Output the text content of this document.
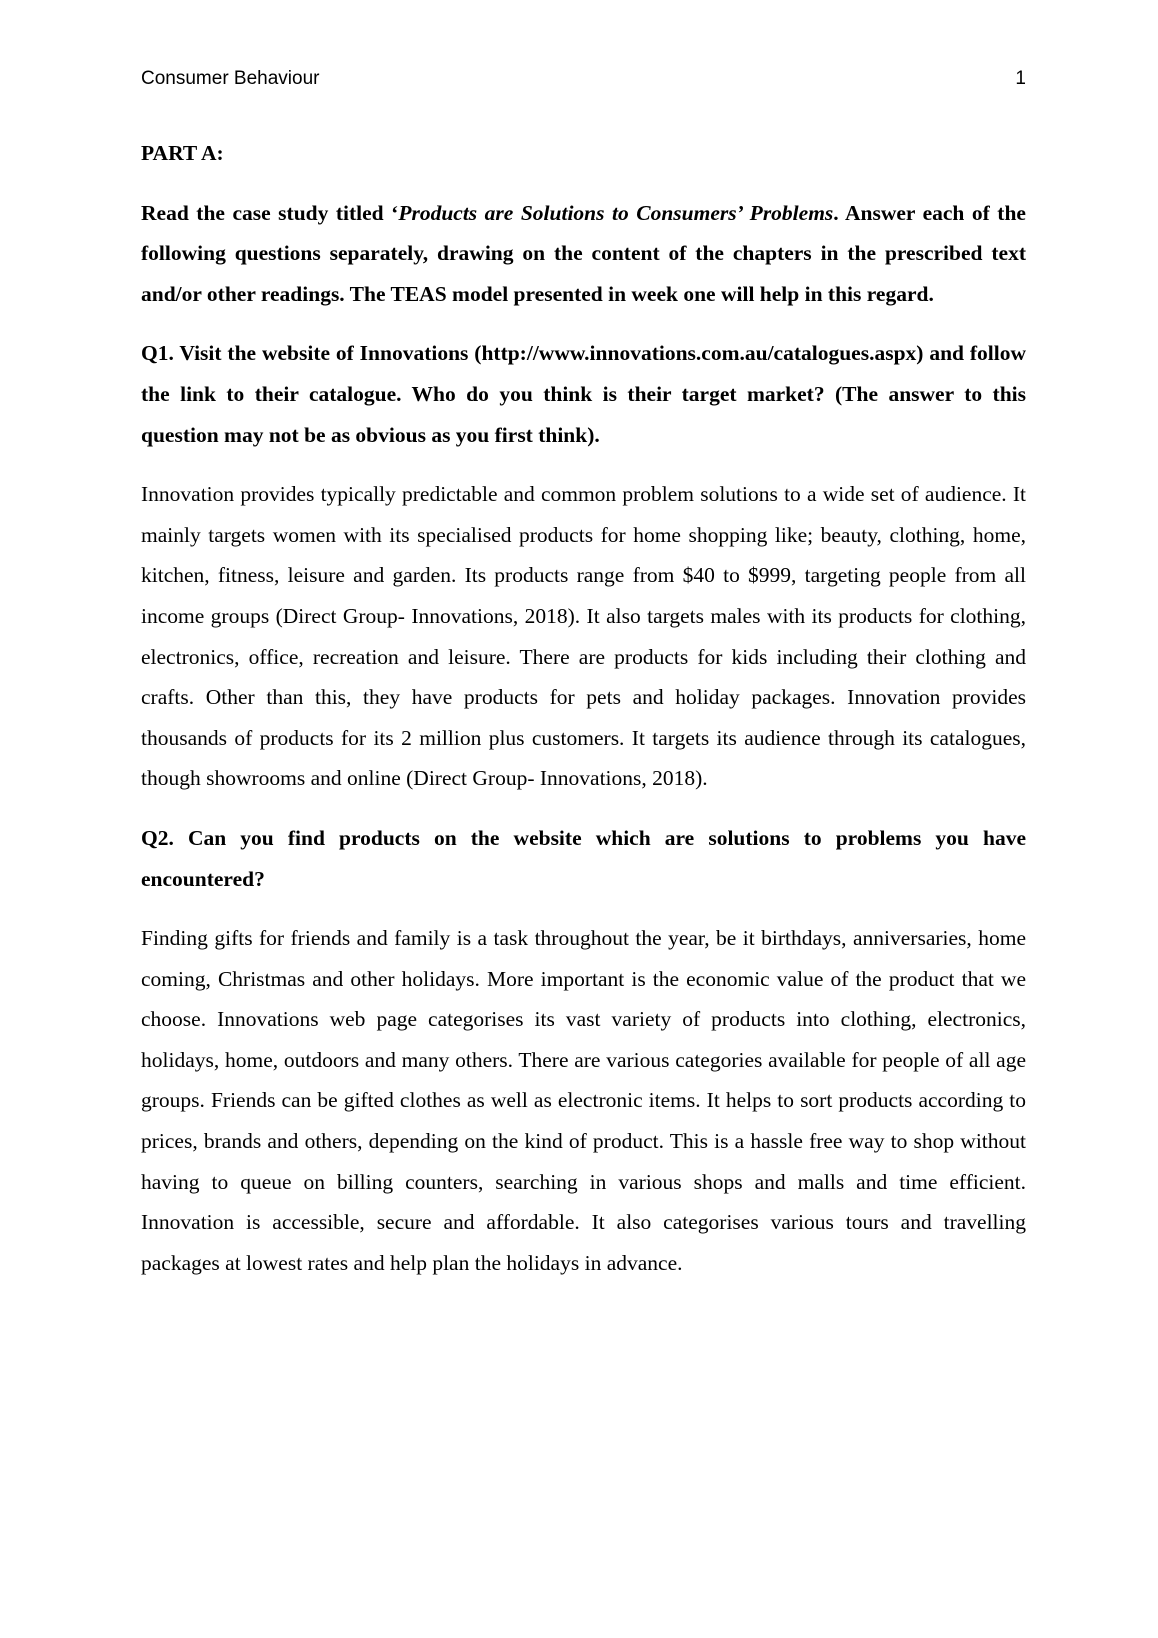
Consumer Behaviour	1

PART A:

Read the case study titled ‘Products are Solutions to Consumers’ Problems. Answer each of the following questions separately, drawing on the content of the chapters in the prescribed text and/or other readings. The TEAS model presented in week one will help in this regard.

Q1. Visit the website of Innovations (http://www.innovations.com.au/catalogues.aspx) and follow the link to their catalogue. Who do you think is their target market? (The answer to this question may not be as obvious as you first think).

Innovation provides typically predictable and common problem solutions to a wide set of audience. It mainly targets women with its specialised products for home shopping like; beauty, clothing, home, kitchen, fitness, leisure and garden. Its products range from $40 to $999, targeting people from all income groups (Direct Group- Innovations, 2018). It also targets males with its products for clothing, electronics, office, recreation and leisure. There are products for kids including their clothing and crafts. Other than this, they have products for pets and holiday packages. Innovation provides thousands of products for its 2 million plus customers. It targets its audience through its catalogues, though showrooms and online (Direct Group- Innovations, 2018).

Q2. Can you find products on the website which are solutions to problems you have encountered?

Finding gifts for friends and family is a task throughout the year, be it birthdays, anniversaries, home coming, Christmas and other holidays. More important is the economic value of the product that we choose. Innovations web page categorises its vast variety of products into clothing, electronics, holidays, home, outdoors and many others. There are various categories available for people of all age groups. Friends can be gifted clothes as well as electronic items. It helps to sort products according to prices, brands and others, depending on the kind of product. This is a hassle free way to shop without having to queue on billing counters, searching in various shops and malls and time efficient. Innovation is accessible, secure and affordable. It also categorises various tours and travelling packages at lowest rates and help plan the holidays in advance.
